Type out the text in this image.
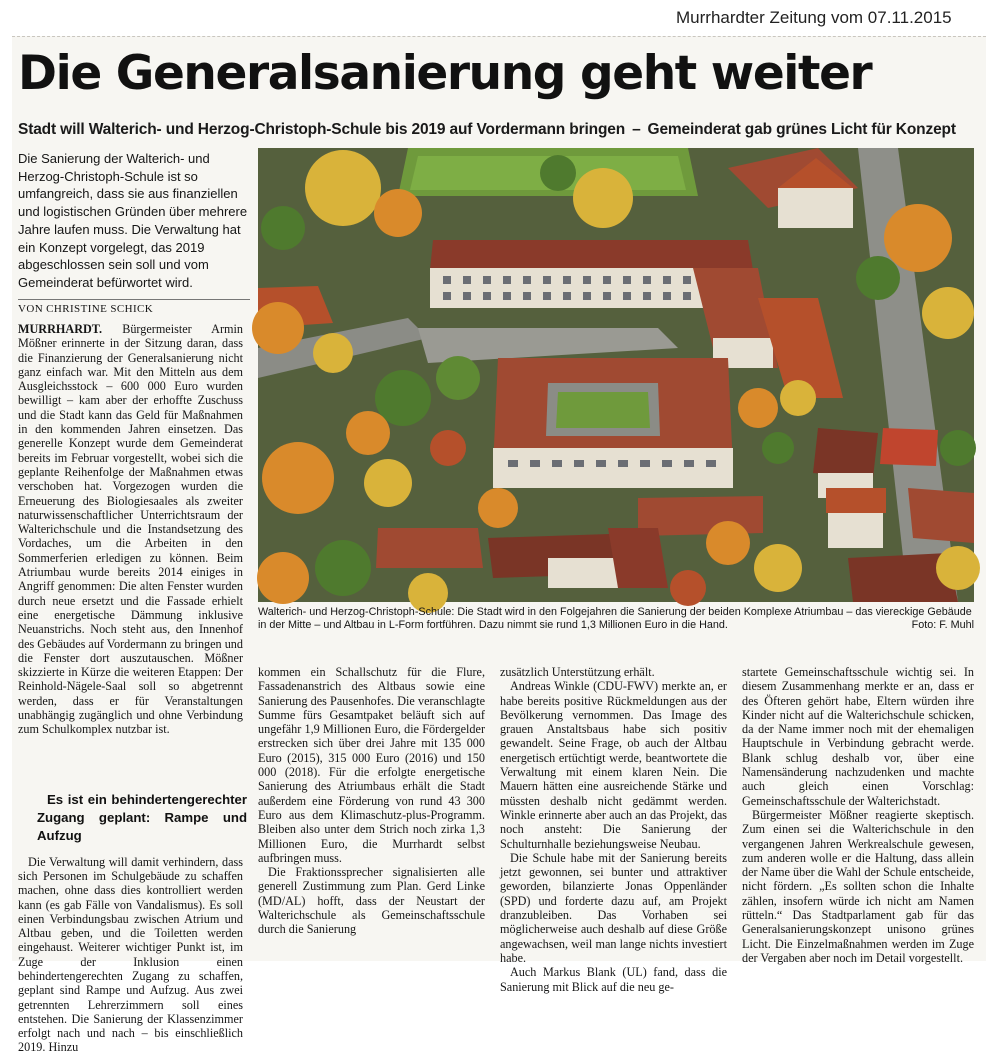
Murrhardter Zeitung vom 07.11.2015
Die Generalsanierung geht weiter
Stadt will Walterich- und Herzog-Christoph-Schule bis 2019 auf Vordermann bringen – Gemeinderat gab grünes Licht für Konzept
Die Sanierung der Walterich- und Herzog-Christoph-Schule ist so umfangreich, dass sie aus finanziellen und logistischen Gründen über mehrere Jahre laufen muss. Die Verwaltung hat ein Konzept vorgelegt, das 2019 abgeschlossen sein soll und vom Gemeinderat befürwortet wird.
VON CHRISTINE SCHICK

MURRHARDT. Bürgermeister Armin Mößner erinnerte in der Sitzung daran, dass die Finanzierung der Generalsanierung nicht ganz einfach war. Mit den Mitteln aus dem Ausgleichsstock – 600 000 Euro wurden bewilligt – kam aber der erhoffte Zuschuss und die Stadt kann das Geld für Maßnahmen in den kommenden Jahren einsetzen. Das generelle Konzept wurde dem Gemeinderat bereits im Februar vorgestellt, wobei sich die geplante Reihenfolge der Maßnahmen etwas verschoben hat. Vorgezogen wurden die Erneuerung des Biologiesaales als zweiter naturwissenschaftlicher Unterrichtsraum der Walterichschule und die Instandsetzung des Vordaches, um die Arbeiten in den Sommerferien erledigen zu können. Beim Atriumbau wurde bereits 2014 einiges in Angriff genommen: Die alten Fenster wurden durch neue ersetzt und die Fassade erhielt eine energetische Dämmung inklusive Neuanstrichs. Noch steht aus, den Innenhof des Gebäudes auf Vordermann zu bringen und die Fenster dort auszutauschen. Mößner skizzierte in Kürze die weiteren Etappen: Der Reinhold-Nägele-Saal soll so abgetrennt werden, dass er für Veranstaltungen unabhängig zugänglich und ohne Verbindung zum Schulkomplex nutzbar ist.

Es ist ein behindertengerechter Zugang geplant: Rampe und Aufzug
Die Verwaltung will damit verhindern, dass sich Personen im Schulgebäude zu schaffen machen, ohne dass dies kontrolliert werden kann (es gab Fälle von Vandalismus). Es soll einen Verbindungsbau zwischen Atrium und Altbau geben, und die Toiletten werden eingehaust. Weiterer wichtiger Punkt ist, im Zuge der Inklusion einen behindertengerechten Zugang zu schaffen, geplant sind Rampe und Aufzug. Aus zwei getrennten Lehrerzimmern soll eines entstehen. Die Sanierung der Klassenzimmer erfolgt nach und nach – bis einschließlich 2019. Hinzu

Walterich- und Herzog-Christoph-Schule: Die Stadt wird in den Folgejahren die Sanierung der beiden Komplexe Atriumbau – das viereckige Gebäude in der Mitte – und Altbau in L-Form fortführen. Dazu nimmt sie rund 1,3 Millionen Euro in die Hand.	Foto: F. Muhl

kommen ein Schallschutz für die Flure, Fassadenanstrich des Altbaus sowie eine Sanierung des Pausenhofes. Die veranschlagte Summe fürs Gesamtpaket beläuft sich auf ungefähr 1,9 Millionen Euro, die Fördergelder erstrecken sich über drei Jahre mit 135 000 Euro (2015), 315 000 Euro (2016) und 150 000 (2018). Für die erfolgte energetische Sanierung des Atriumbaus erhält die Stadt außerdem eine Förderung von rund 43 300 Euro aus dem Klimaschutz-plus-Programm. Bleiben also unter dem Strich noch zirka 1,3 Millionen Euro, die Murrhardt selbst aufbringen muss.

Die Fraktionssprecher signalisierten alle generell Zustimmung zum Plan. Gerd Linke (MD/AL) hofft, dass der Neustart der Walterichschule als Gemeinschaftsschule durch die Sanierung

zusätzlich Unterstützung erhält.

Andreas Winkle (CDU-FWV) merkte an, er habe bereits positive Rückmeldungen aus der Bevölkerung vernommen. Das Image des grauen Anstaltsbaus habe sich positiv gewandelt. Seine Frage, ob auch der Altbau energetisch ertüchtigt werde, beantwortete die Verwaltung mit einem klaren Nein. Die Mauern hätten eine ausreichende Stärke und müssten deshalb nicht gedämmt werden. Winkle erinnerte aber auch an das Projekt, das noch ansteht: Die Sanierung der Schulturnhalle beziehungsweise Neubau.

Die Schule habe mit der Sanierung bereits jetzt gewonnen, sei bunter und attraktiver geworden, bilanzierte Jonas Oppenländer (SPD) und forderte dazu auf, am Projekt dranzubleiben. Das Vorhaben sei möglicherweise auch deshalb auf diese Größe angewachsen, weil man lange nichts investiert habe.

Auch Markus Blank (UL) fand, dass die Sanierung mit Blick auf die neu ge-

startete Gemeinschaftsschule wichtig sei. In diesem Zusammenhang merkte er an, dass er des Öfteren gehört habe, Eltern würden ihre Kinder nicht auf die Walterichschule schicken, da der Name immer noch mit der ehemaligen Hauptschule in Verbindung gebracht werde. Blank schlug deshalb vor, über eine Namensänderung nachzudenken und machte auch gleich einen Vorschlag: Gemeinschaftsschule der Walterichstadt.

Bürgermeister Mößner reagierte skeptisch. Zum einen sei die Walterichschule in den vergangenen Jahren Werkrealschule gewesen, zum anderen wolle er die Haltung, dass allein der Name über die Wahl der Schule entscheide, nicht fördern. „Es sollten schon die Inhalte zählen, insofern würde ich nicht am Namen rütteln.“ Das Stadtparlament gab für das Generalsanierungskonzept unisono grünes Licht. Die Einzelmaßnahmen werden im Zuge der Vergaben aber noch im Detail vorgestellt.
